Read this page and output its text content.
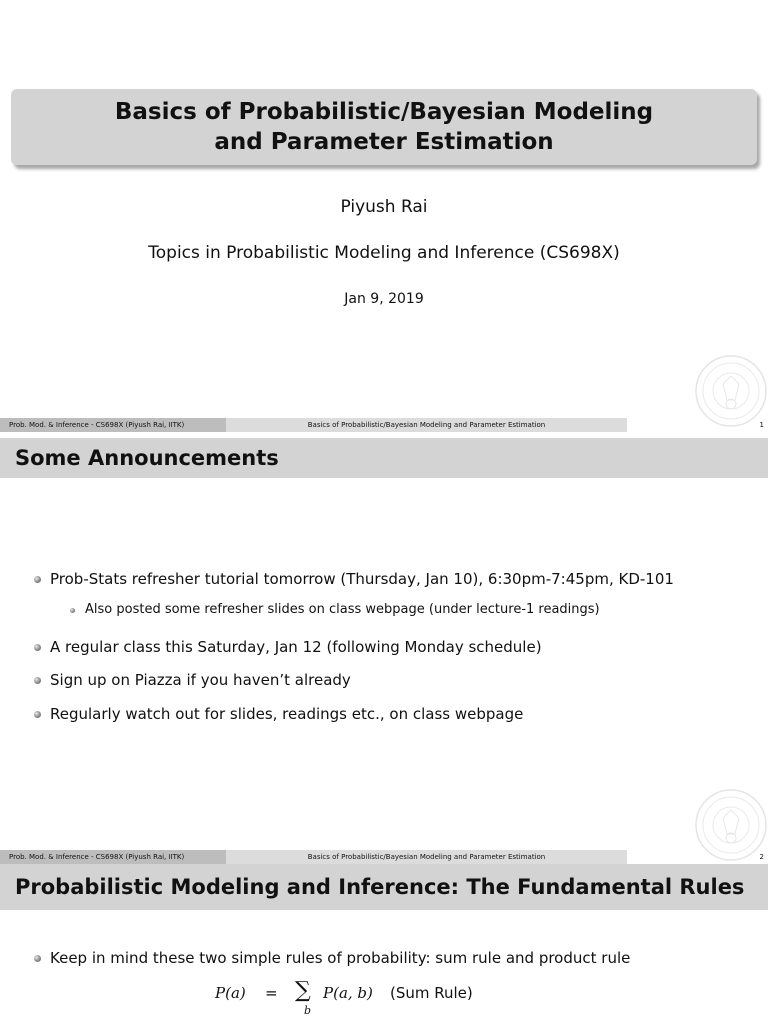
Basics of Probabilistic/Bayesian Modeling
and Parameter Estimation
Piyush Rai
Topics in Probabilistic Modeling and Inference (CS698X)
Jan 9, 2019
Prob. Mod. & Inference - CS698X (Piyush Rai, IITK)	Basics of Probabilistic/Bayesian Modeling and Parameter Estimation	1
Some Announcements
Prob-Stats refresher tutorial tomorrow (Thursday, Jan 10), 6:30pm-7:45pm, KD-101
Also posted some refresher slides on class webpage (under lecture-1 readings)
A regular class this Saturday, Jan 12 (following Monday schedule)
Sign up on Piazza if you haven’t already
Regularly watch out for slides, readings etc., on class webpage
Prob. Mod. & Inference - CS698X (Piyush Rai, IITK)	Basics of Probabilistic/Bayesian Modeling and Parameter Estimation	2
Probabilistic Modeling and Inference: The Fundamental Rules
Keep in mind these two simple rules of probability: sum rule and product rule
P(a) = ∑
b
P(a, b) (Sum Rule)
